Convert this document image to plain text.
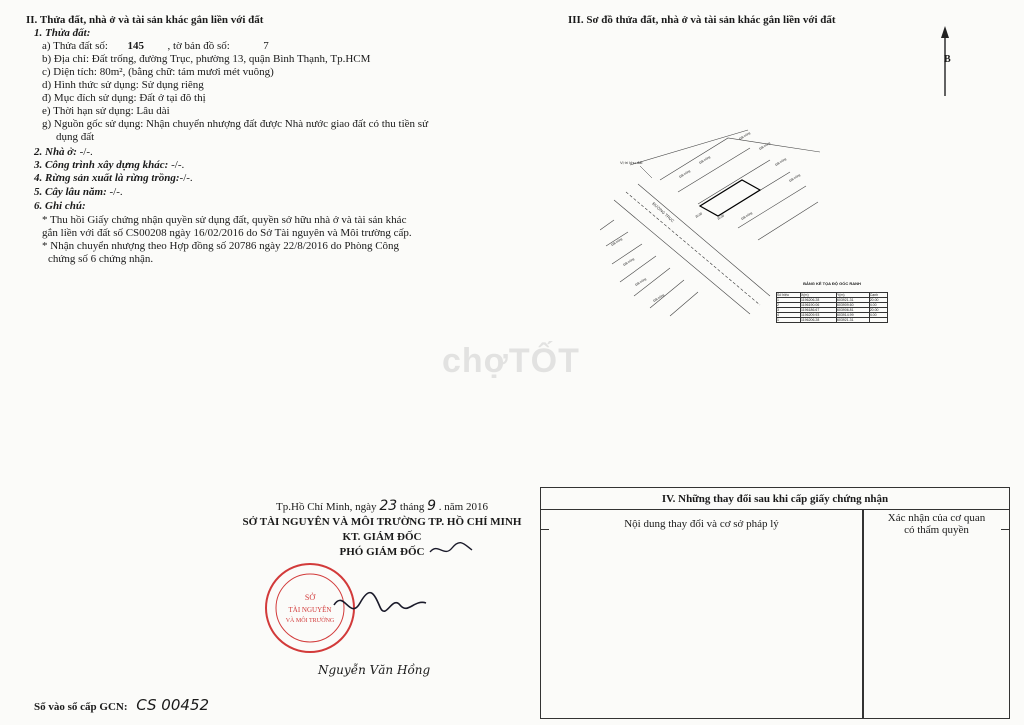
II. Thửa đất, nhà ở và tài sản khác gắn liền với đất
1. Thửa đất:
a) Thửa đất số: 145 , tờ bản đồ số:	7
b) Địa chỉ: Đất trống, đường Trục, phường 13, quận Bình Thạnh, Tp.HCM
c) Diện tích: 80m², (bằng chữ: tám mươi mét vuông)
d) Hình thức sử dụng: Sử dụng riêng
đ) Mục đích sử dụng: Đất ở tại đô thị
e) Thời hạn sử dụng: Lâu dài
g) Nguồn gốc sử dụng: Nhận chuyển nhượng đất được Nhà nước giao đất có thu tiền sử
dụng đất
2. Nhà ở: -/-.
3. Công trình xây dựng khác: -/-.
4. Rừng sản xuất là rừng trồng:-/-.
5. Cây lâu năm: -/-.
6. Ghi chú:
* Thu hồi Giấy chứng nhận quyền sử dụng đất, quyền sở hữu nhà ở và tài sản khác
gắn liền với đất số CS00208 ngày 16/02/2016 do Sở Tài nguyên và Môi trường cấp.
* Nhận chuyển nhượng theo Hợp đồng số 20786 ngày 22/8/2016 do Phòng Công
chứng số 6 chứng nhận.
III. Sơ đồ thửa đất, nhà ở và tài sản khác gắn liền với đất
B
Vị trí khu đất
ĐƯỜNG TRỤC	20.00	20.00
Đất trống
Đất trống
Đất trống
Đất trống
Đất trống
Đất trống
Đất trống
Đất trống
Đất trống
Đất trống
Đất trống
BẢNG KÊ TỌA ĐỘ GÓC RANH
Số hiệu	X(m)	Y(m)	Cạnh
1	1196206.28	603921.31	20.00
2	1196190.06	603909.60	4.00
3	1196186.67	603906.81	20.00
4	1196209.93	603914.99	4.00
1	1196206.28	603921.31	
chợTỐT
Tp.Hồ Chí Minh, ngày 23 tháng 9 . năm 2016
SỞ TÀI NGUYÊN VÀ MÔI TRƯỜNG TP. HỒ CHÍ MINH
KT. GIÁM ĐỐC
PHÓ GIÁM ĐỐC
SỞ
TÀI NGUYÊN
VÀ MÔI TRƯỜNG
Nguyễn Văn Hồng
IV. Những thay đổi sau khi cấp giấy chứng nhận
Nội dung thay đổi và cơ sở pháp lý	Xác nhận của cơ quan
có thẩm quyền
Số vào sổ cấp GCN: CS 00452
